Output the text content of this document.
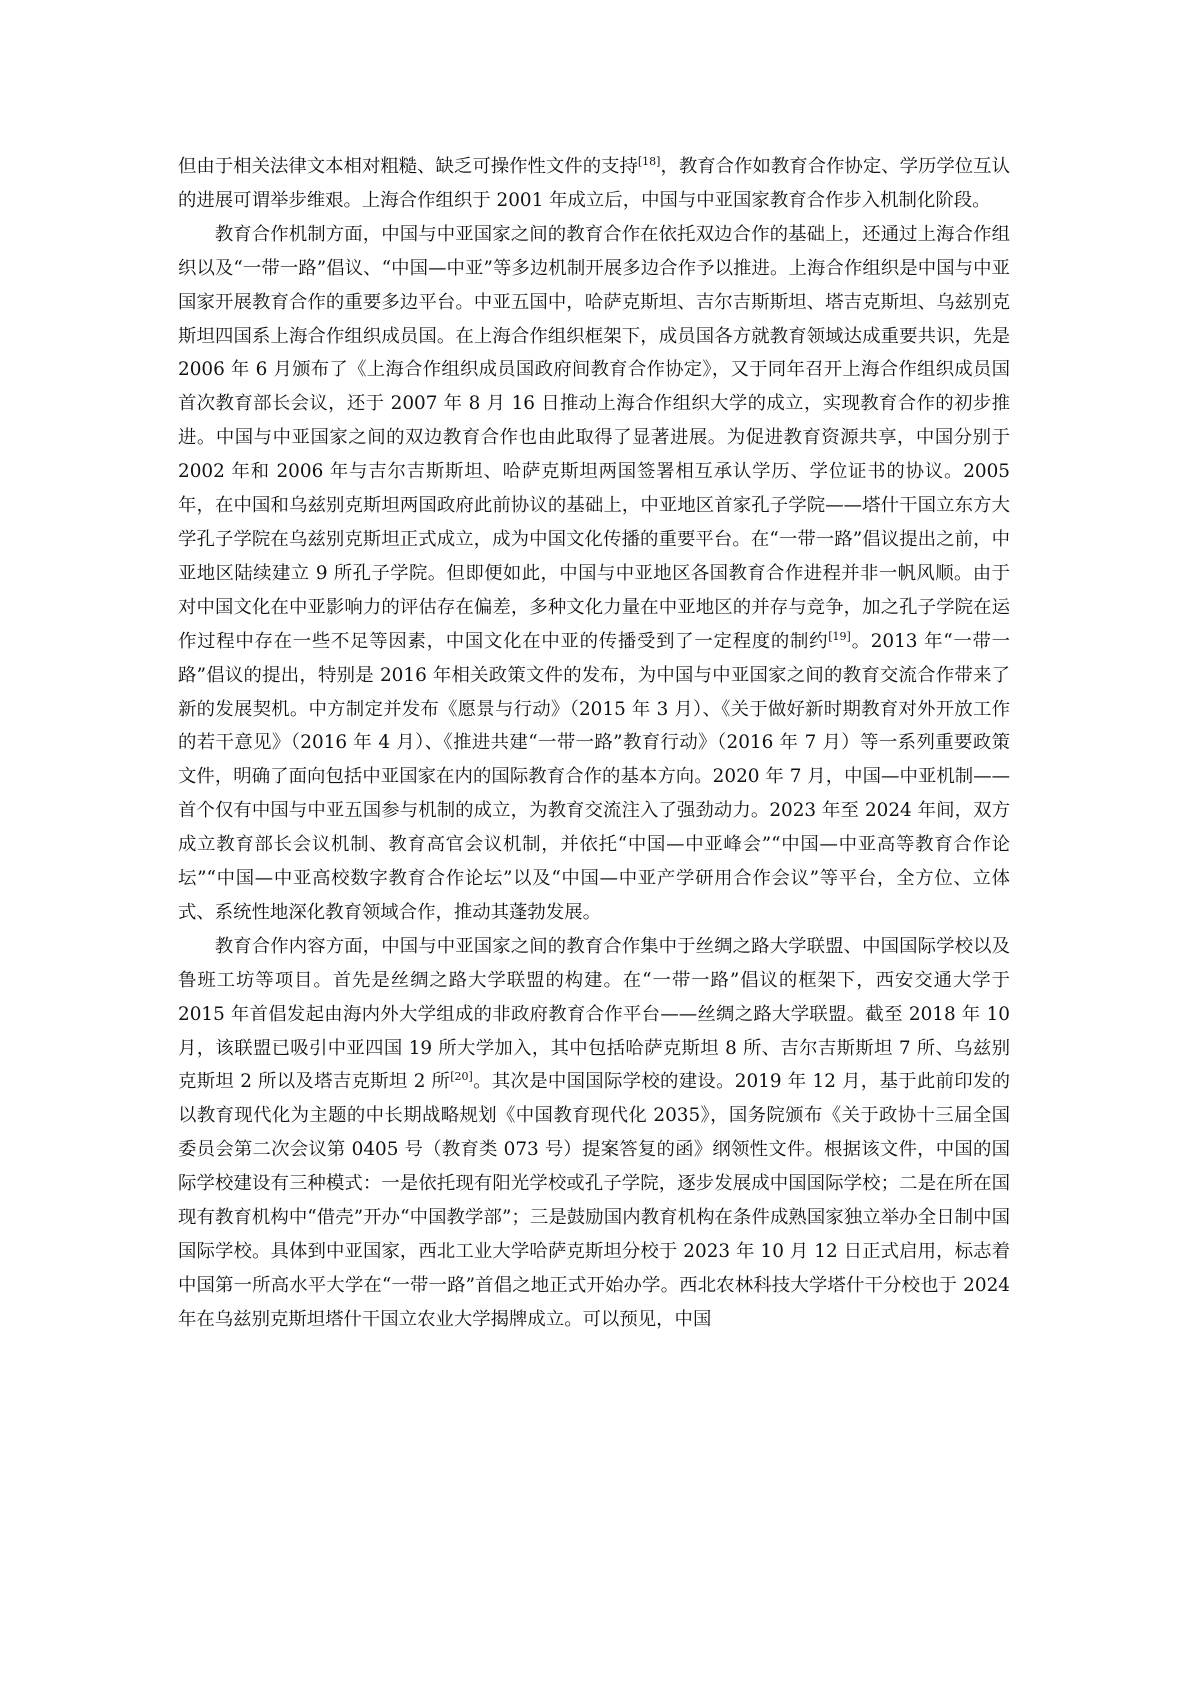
但由于相关法律文本相对粗糙、缺乏可操作性文件的支持[18]，教育合作如教育合作协定、学历学位互认的进展可谓举步维艰。上海合作组织于 2001 年成立后，中国与中亚国家教育合作步入机制化阶段。

教育合作机制方面，中国与中亚国家之间的教育合作在依托双边合作的基础上，还通过上海合作组织以及“一带一路”倡议、“中国—中亚”等多边机制开展多边合作予以推进。上海合作组织是中国与中亚国家开展教育合作的重要多边平台。中亚五国中，哈萨克斯坦、吉尔吉斯斯坦、塔吉克斯坦、乌兹别克斯坦四国系上海合作组织成员国。在上海合作组织框架下，成员国各方就教育领域达成重要共识，先是 2006 年 6 月颁布了《上海合作组织成员国政府间教育合作协定》，又于同年召开上海合作组织成员国首次教育部长会议，还于 2007 年 8 月 16 日推动上海合作组织大学的成立，实现教育合作的初步推进。中国与中亚国家之间的双边教育合作也由此取得了显著进展。为促进教育资源共享，中国分别于 2002 年和 2006 年与吉尔吉斯斯坦、哈萨克斯坦两国签署相互承认学历、学位证书的协议。2005 年，在中国和乌兹别克斯坦两国政府此前协议的基础上，中亚地区首家孔子学院——塔什干国立东方大学孔子学院在乌兹别克斯坦正式成立，成为中国文化传播的重要平台。在“一带一路”倡议提出之前，中亚地区陆续建立 9 所孔子学院。但即便如此，中国与中亚地区各国教育合作进程并非一帆风顺。由于对中国文化在中亚影响力的评估存在偏差，多种文化力量在中亚地区的并存与竞争，加之孔子学院在运作过程中存在一些不足等因素，中国文化在中亚的传播受到了一定程度的制约[19]。2013 年“一带一路”倡议的提出，特别是 2016 年相关政策文件的发布，为中国与中亚国家之间的教育交流合作带来了新的发展契机。中方制定并发布《愿景与行动》（2015 年 3 月）、《关于做好新时期教育对外开放工作的若干意见》（2016 年 4 月）、《推进共建“一带一路”教育行动》（2016 年 7 月）等一系列重要政策文件，明确了面向包括中亚国家在内的国际教育合作的基本方向。2020 年 7 月，中国—中亚机制——首个仅有中国与中亚五国参与机制的成立，为教育交流注入了强劲动力。2023 年至 2024 年间，双方成立教育部长会议机制、教育高官会议机制，并依托“中国—中亚峰会”“中国—中亚高等教育合作论坛”“中国—中亚高校数字教育合作论坛”以及“中国—中亚产学研用合作会议”等平台，全方位、立体式、系统性地深化教育领域合作，推动其蓬勃发展。

教育合作内容方面，中国与中亚国家之间的教育合作集中于丝绸之路大学联盟、中国国际学校以及鲁班工坊等项目。首先是丝绸之路大学联盟的构建。在“一带一路”倡议的框架下，西安交通大学于 2015 年首倡发起由海内外大学组成的非政府教育合作平台——丝绸之路大学联盟。截至 2018 年 10 月，该联盟已吸引中亚四国 19 所大学加入，其中包括哈萨克斯坦 8 所、吉尔吉斯斯坦 7 所、乌兹别克斯坦 2 所以及塔吉克斯坦 2 所[20]。其次是中国国际学校的建设。2019 年 12 月，基于此前印发的以教育现代化为主题的中长期战略规划《中国教育现代化 2035》，国务院颁布《关于政协十三届全国委员会第二次会议第 0405 号（教育类 073 号）提案答复的函》纲领性文件。根据该文件，中国的国际学校建设有三种模式：一是依托现有阳光学校或孔子学院，逐步发展成中国国际学校；二是在所在国现有教育机构中“借壳”开办“中国教学部”；三是鼓励国内教育机构在条件成熟国家独立举办全日制中国国际学校。具体到中亚国家，西北工业大学哈萨克斯坦分校于 2023 年 10 月 12 日正式启用，标志着中国第一所高水平大学在“一带一路”首倡之地正式开始办学。西北农林科技大学塔什干分校也于 2024 年在乌兹别克斯坦塔什干国立农业大学揭牌成立。可以预见，中国
